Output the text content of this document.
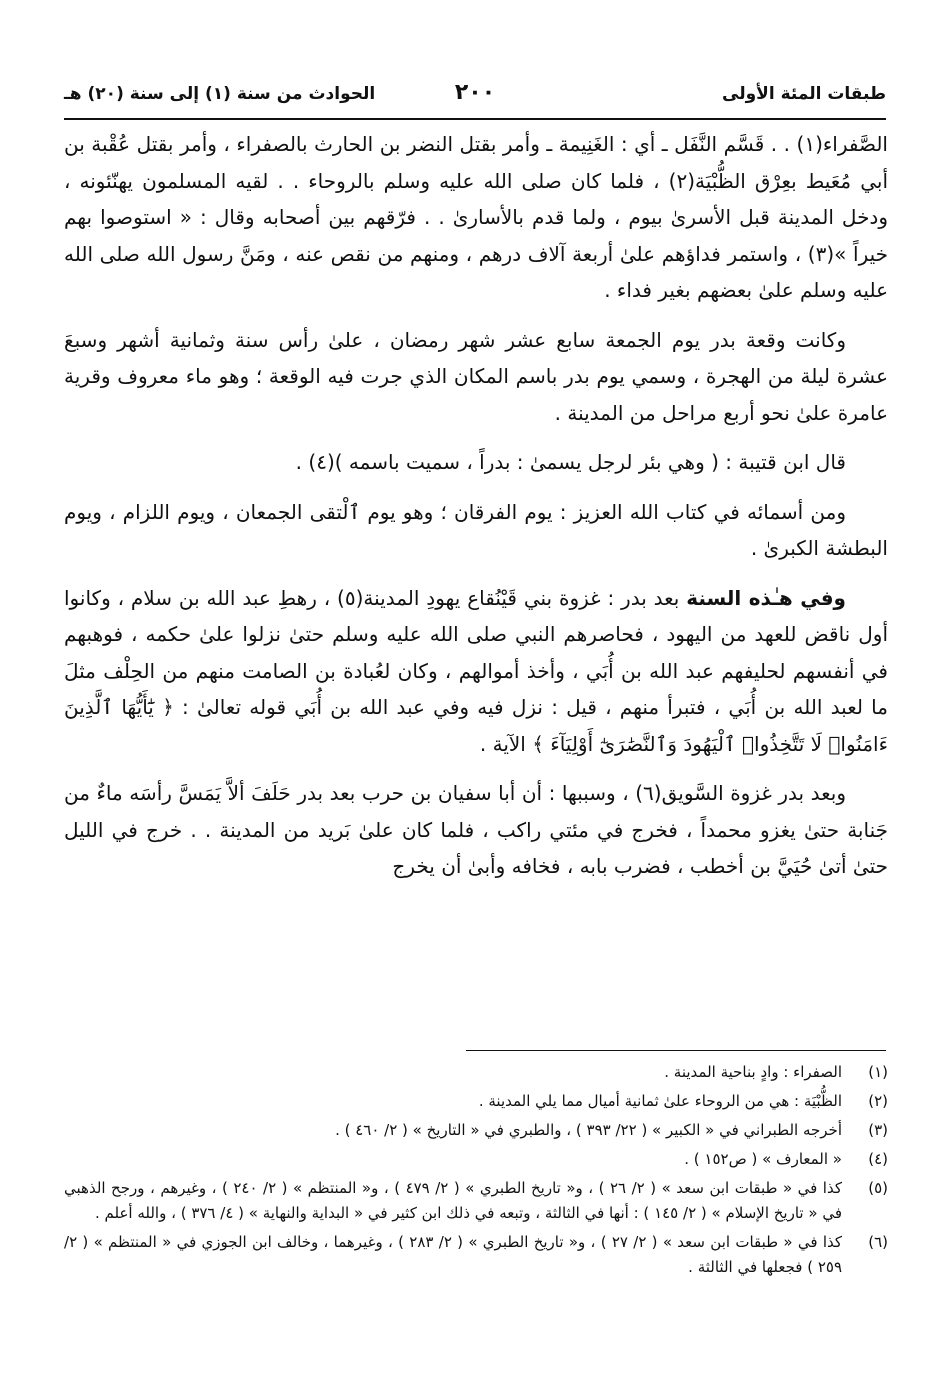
طبقات المئة الأولى
٢٠٠
الحوادث من سنة (١) إلى سنة (٢٠) هـ

الصَّفراء(١) . . قَسَّم النَّفَل ـ أي : الغَنِيمة ـ وأمر بقتل النضر بن الحارث بالصفراء ، وأمر بقتل عُقْبة بن أبي مُعَيط بعِرْق الظُّبْيَة(٢) ، فلما كان صلى الله عليه وسلم بالروحاء . . لقيه المسلمون يهنّئونه ، ودخل المدينة قبل الأسرىٰ بيوم ، ولما قدم بالأسارىٰ . . فرّقهم بين أصحابه وقال : « استوصوا بهم خيراً »(٣) ، واستمر فداؤهم علىٰ أربعة آلاف درهم ، ومنهم من نقص عنه ، ومَنَّ رسول الله صلى الله عليه وسلم علىٰ بعضهم بغير فداء .

وكانت وقعة بدر يوم الجمعة سابع عشر شهر رمضان ، علىٰ رأس سنة وثمانية أشهر وسبعَ عشرة ليلة من الهجرة ، وسمي يوم بدر باسم المكان الذي جرت فيه الوقعة ؛ وهو ماء معروف وقرية عامرة علىٰ نحو أربع مراحل من المدينة .

قال ابن قتيبة : ( وهي بئر لرجل يسمىٰ : بدراً ، سميت باسمه )(٤) .

ومن أسمائه في كتاب الله العزيز : يوم الفرقان ؛ وهو يوم ٱلْتقى الجمعان ، ويوم اللزام ، ويوم البطشة الكبرىٰ .

وفي هـٰذه السنة بعد بدر : غزوة بني قَيْنُقاع يهودِ المدينة(٥) ، رهطِ عبد الله بن سلام ، وكانوا أول ناقض للعهد من اليهود ، فحاصرهم النبي صلى الله عليه وسلم حتىٰ نزلوا علىٰ حكمه ، فوهبهم في أنفسهم لحليفهم عبد الله بن أُبَي ، وأخذ أموالهم ، وكان لعُبادة بن الصامت منهم من الحِلْف مثلَ ما لعبد الله بن أُبَي ، فتبرأ منهم ، قيل : نزل فيه وفي عبد الله بن أُبَي قوله تعالىٰ : ﴿ يَٰٓأَيُّهَا ٱلَّذِينَ ءَامَنُوا۟ لَا تَتَّخِذُوا۟ ٱلْيَهُودَ وَٱلنَّصَٰرَىٰٓ أَوْلِيَآءَ ﴾ الآية .

وبعد بدر غزوة السَّويق(٦) ، وسببها : أن أبا سفيان بن حرب بعد بدر حَلَفَ ألاَّ يَمَسَّ رأسَه ماءٌ من جَنابة حتىٰ يغزو محمداً ، فخرج في مئتي راكب ، فلما كان علىٰ بَريد من المدينة . . خرج في الليل حتىٰ أتىٰ حُيَيَّ بن أخطب ، فضرب بابه ، فخافه وأبىٰ أن يخرج

(١)
الصفراء : وادٍ بناحية المدينة .
(٢)
الظُّبْيَة : هي من الروحاء علىٰ ثمانية أميال مما يلي المدينة .
(٣)
أخرجه الطبراني في « الكبير » ( ٢٢/ ٣٩٣ ) ، والطبري في « التاريخ » ( ٢/ ٤٦٠ ) .
(٤)
« المعارف » ( ص١٥٢ ) .
(٥)
كذا في « طبقات ابن سعد » ( ٢/ ٢٦ ) ، و« تاريخ الطبري » ( ٢/ ٤٧٩ ) ، و« المنتظم » ( ٢/ ٢٤٠ ) ، وغيرهم ، ورجح الذهبي في « تاريخ الإسلام » ( ٢/ ١٤٥ ) : أنها في الثالثة ، وتبعه في ذلك ابن كثير في « البداية والنهاية » ( ٤/ ٣٧٦ ) ، والله أعلم .
(٦)
كذا في « طبقات ابن سعد » ( ٢/ ٢٧ ) ، و« تاريخ الطبري » ( ٢/ ٢٨٣ ) ، وغيرهما ، وخالف ابن الجوزي في « المنتظم » ( ٢/ ٢٥٩ ) فجعلها في الثالثة .
